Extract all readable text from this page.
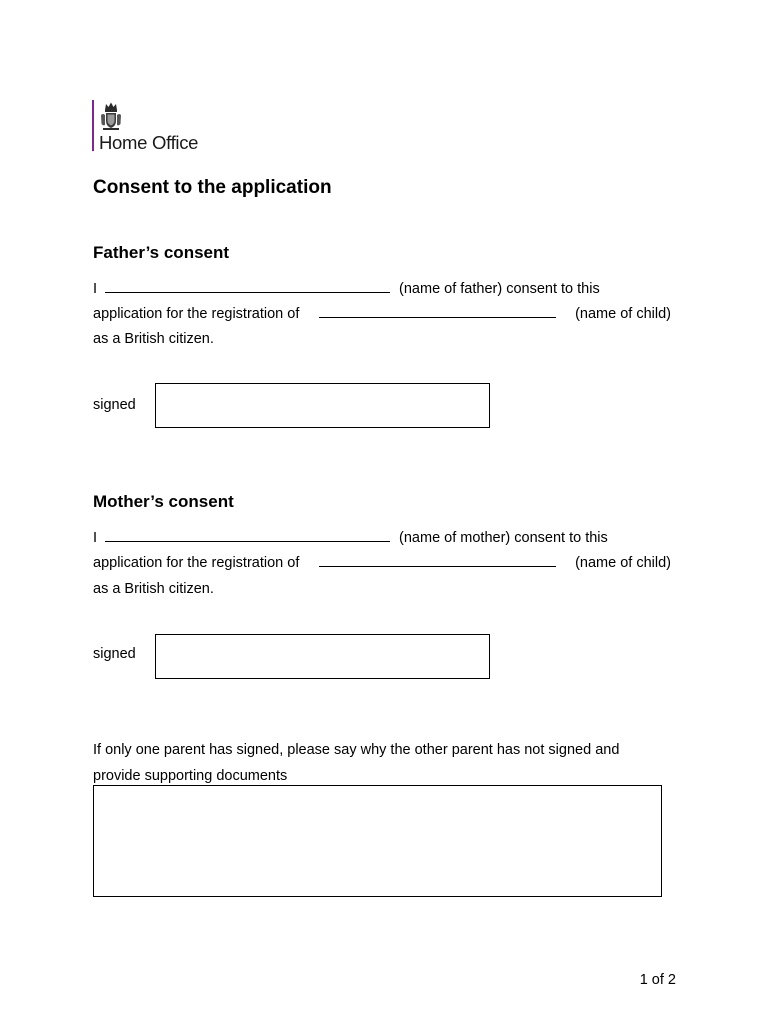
Home Office
Consent to the application
Father’s consent
I	(name of father) consent to this
application for the registration of	(name of child)
as a British citizen.
signed
Mother’s consent
I	(name of mother) consent to this
application for the registration of	(name of child)
as a British citizen.
signed
If only one parent has signed, please say why the other parent has not signed and
provide supporting documents
1 of 2
